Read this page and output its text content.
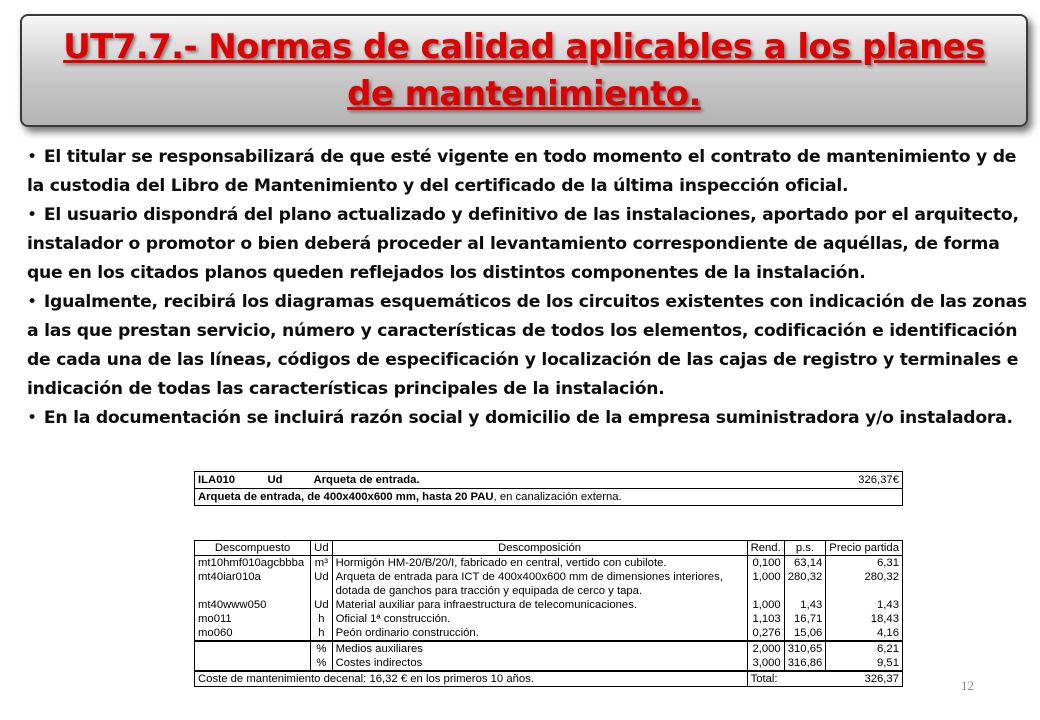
UT7.7.- Normas de calidad aplicables a los planes de mantenimiento.
• El titular se responsabilizará de que esté vigente en todo momento el contrato de mantenimiento y de la custodia del Libro de Mantenimiento y del certificado de la última inspección oficial.
• El usuario dispondrá del plano actualizado y definitivo de las instalaciones, aportado por el arquitecto, instalador o promotor o bien deberá proceder al levantamiento correspondiente de aquéllas, de forma que en los citados planos queden reflejados los distintos componentes de la instalación.
• Igualmente, recibirá los diagramas esquemáticos de los circuitos existentes con indicación de las zonas a las que prestan servicio, número y características de todos los elementos, codificación e identificación de cada una de las líneas, códigos de especificación y localización de las cajas de registro y terminales e indicación de todas las características principales de la instalación.
• En la documentación se incluirá razón social y domicilio de la empresa suministradora y/o instaladora.
ILA010	Ud	Arqueta de entrada.	326,37€
Arqueta de entrada, de 400x400x600 mm, hasta 20 PAU, en canalización externa.
Descompuesto	Ud	Descomposición	Rend.	p.s.	Precio partida
mt10hmf010agcbbba	m³	Hormigón HM-20/B/20/I, fabricado en central, vertido con cubilote.	0,100	63,14	6,31
mt40iar010a	Ud	Arqueta de entrada para ICT de 400x400x600 mm de dimensiones interiores, dotada de ganchos para tracción y equipada de cerco y tapa.	1,000	280,32	280,32
mt40www050	Ud	Material auxiliar para infraestructura de telecomunicaciones.	1,000	1,43	1,43
mo011	h	Oficial 1ª construcción.	1,103	16,71	18,43
mo060	h	Peón ordinario construcción.	0,276	15,06	4,16
	%	Medios auxiliares	2,000	310,65	6,21
	%	Costes indirectos	3,000	316,86	9,51
Coste de mantenimiento decenal: 16,32 € en los primeros 10 años.			Total:		326,37	12
